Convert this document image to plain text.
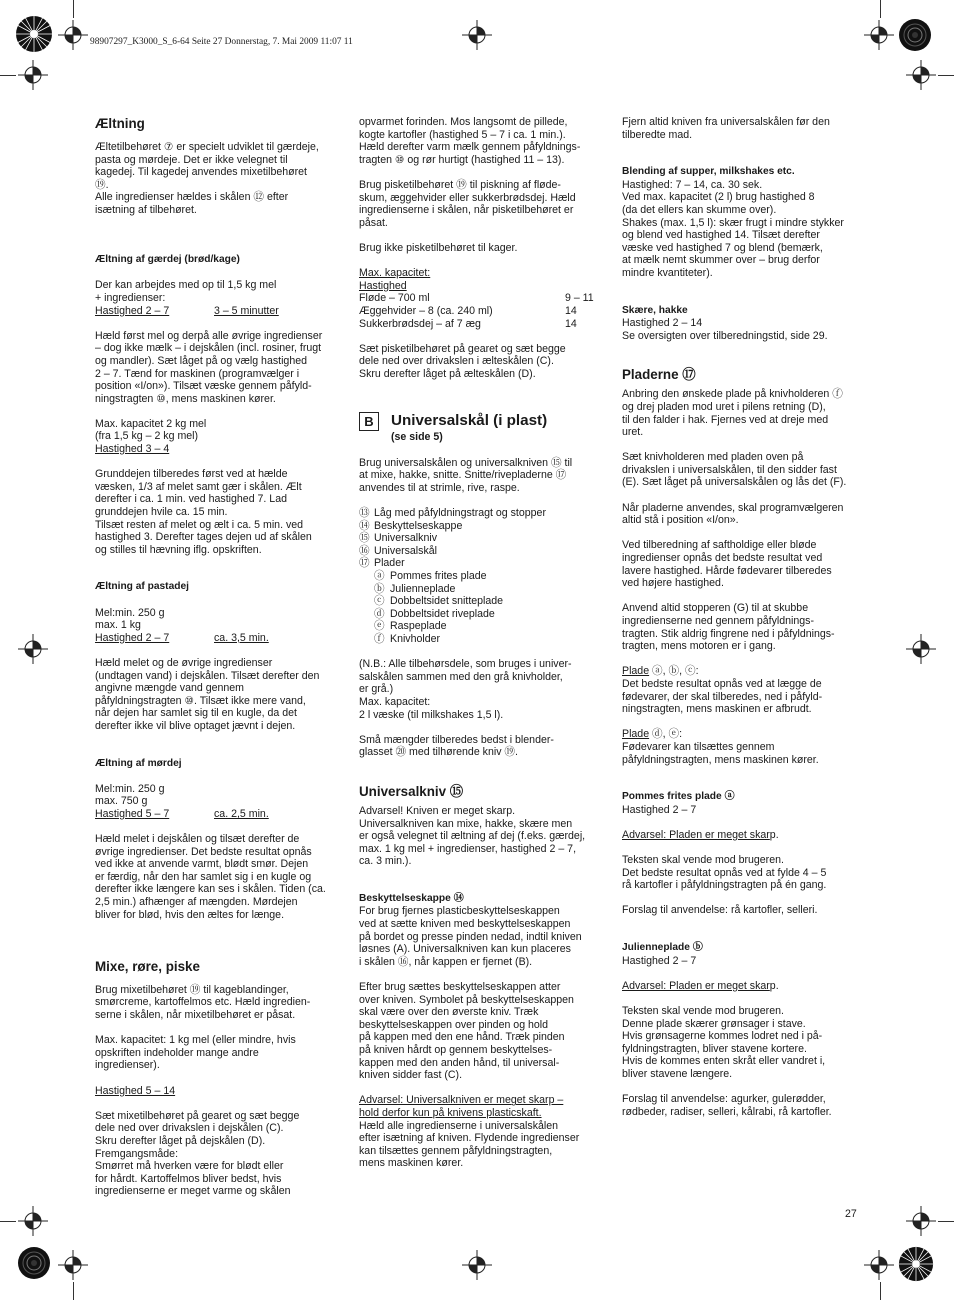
98907297_K3000_S_6-64 Seite 27 Donnerstag, 7. Mai 2009 11:07 11
Æltning

Æltetilbehøret ⑦ er specielt udviklet til gærdeje,
pasta og mørdeje. Det er ikke velegnet til
kagedej. Til kagedej anvendes mixetilbehøret
⑲.
Alle ingredienser hældes i skålen ⑫ efter
isætning af tilbehøret.

Æltning af gærdej (brød/kage)

Der kan arbejdes med op til 1,5 kg mel

+ ingredienser:

Hastighed 2 – 7	3 – 5 minutter

Hæld først mel og derpå alle øvrige ingredienser
– dog ikke mælk – i dejskålen (incl. rosiner, frugt
og mandler). Sæt låget på og vælg hastighed
2 – 7. Tænd for maskinen (programvælger i
position «I/on»). Tilsæt væske gennem påfyld-
ningstragten ⑩, mens maskinen kører.

Max. kapacitet 2 kg mel

(fra 1,5 kg – 2 kg mel)

Hastighed 3 – 4

Grunddejen tilberedes først ved at hælde
væsken, 1/3 af melet samt gær i skålen. Ælt
derefter i ca. 1 min. ved hastighed 7. Lad
grunddejen hvile ca. 15 min.
Tilsæt resten af melet og ælt i ca. 5 min. ved
hastighed 3. Derefter tages dejen ud af skålen
og stilles til hævning iflg. opskriften.

Æltning af pastadej

Mel:min. 250 g

max. 1 kg

Hastighed 2 – 7	ca. 3,5 min.

Hæld melet og de øvrige ingredienser
(undtagen vand) i dejskålen. Tilsæt derefter den
angivne mængde vand gennem
påfyldningstragten ⑩. Tilsæt ikke mere vand,
når dejen har samlet sig til en kugle, da det
derefter ikke vil blive optaget jævnt i dejen.

Æltning af mørdej

Mel:min. 250 g

max. 750 g

Hastighed 5 – 7	ca. 2,5 min.

Hæld melet i dejskålen og tilsæt derefter de
øvrige ingredienser. Det bedste resultat opnås
ved ikke at anvende varmt, blødt smør. Dejen
er færdig, når den har samlet sig i en kugle og
derefter ikke længere kan ses i skålen. Tiden (ca.
2,5 min.) afhænger af mængden. Mørdejen
bliver for blød, hvis den æltes for længe.

Mixe, røre, piske

Brug mixetilbehøret ⑲ til kageblandinger,
smørcreme, kartoffelmos etc. Hæld ingredien-
serne i skålen, når mixetilbehøret er påsat.

Max. kapacitet: 1 kg mel (eller mindre, hvis
opskriften indeholder mange andre
ingredienser).

Hastighed 5 – 14

Sæt mixetilbehøret på gearet og sæt begge
dele ned over drivakslen i dejskålen (C).
Skru derefter låget på dejskålen (D).
Fremgangsmåde:
Smørret må hverken være for blødt eller
for hårdt. Kartoffelmos bliver bedst, hvis
ingredienserne er meget varme og skålen

opvarmet forinden. Mos langsomt de pillede,
kogte kartofler (hastighed 5 – 7 i ca. 1 min.).
Hæld derefter varm mælk gennem påfyldnings-
tragten ⑩ og rør hurtigt (hastighed 11 – 13).

Brug pisketilbehøret ⑲ til piskning af fløde-
skum, æggehvider eller sukkerbrødsdej. Hæld
ingredienserne i skålen, når pisketilbehøret er
påsat.

Brug ikke pisketilbehøret til kager.

Max. kapacitet:

Hastighed

Fløde – 700 ml	9 – 11
Æggehvider – 8 (ca. 240 ml)	14
Sukkerbrødsdej – af 7 æg	14

Sæt pisketilbehøret på gearet og sæt begge
dele ned over drivakslen i ælteskålen (C).
Skru derefter låget på ælteskålen (D).

B	Universalskål (i plast)
(se side 5)

Brug universalskålen og universalkniven ⑮ til
at mixe, hakke, snitte. Snitte/rivepladerne ⑰
anvendes til at strimle, rive, raspe.

⑬ Låg med påfyldningstragt og stopper
⑭ Beskyttelseskappe
⑮ Universalkniv
⑯ Universalskål
⑰ Plader
ⓐ Pommes frites plade
ⓑ Julienneplade
ⓒ Dobbeltsidet snitteplade
ⓓ Dobbeltsidet riveplade
ⓔ Raspeplade
ⓕ Knivholder

(N.B.: Alle tilbehørsdele, som bruges i univer-
salskålen sammen med den grå knivholder,
er grå.)
Max. kapacitet:
2 l væske (til milkshakes 1,5 l).

Små mængder tilberedes bedst i blender-
glasset ⑳ med tilhørende kniv ⑲.

Universalkniv ⑮

Advarsel! Kniven er meget skarp.
Universalkniven kan mixe, hakke, skære men
er også velegnet til æltning af dej (f.eks. gærdej,
max. 1 kg mel + ingredienser, hastighed 2 – 7,
ca. 3 min.).

Beskyttelseskappe ⑭

For brug fjernes plasticbeskyttelseskappen
ved at sætte kniven med beskyttelseskappen
på bordet og presse pinden nedad, indtil kniven
løsnes (A). Universalkniven kan kun placeres
i skålen ⑯, når kappen er fjernet (B).

Efter brug sættes beskyttelseskappen atter
over kniven. Symbolet på beskyttelseskappen
skal være over den øverste kniv. Træk
beskyttelseskappen over pinden og hold
på kappen med den ene hånd. Træk pinden
på kniven hårdt op gennem beskyttelses-
kappen med den anden hånd, til universal-
kniven sidder fast (C).

Advarsel: Universalkniven er meget skarp –

hold derfor kun på knivens plasticskaft.

Hæld alle ingredienserne i universalskålen
efter isætning af kniven. Flydende ingredienser
kan tilsættes gennem påfyldningstragten,
mens maskinen kører.

Fjern altid kniven fra universalskålen før den
tilberedte mad.

Blending af supper, milkshakes etc.

Hastighed: 7 – 14, ca. 30 sek.
Ved max. kapacitet (2 l) brug hastighed 8
(da det ellers kan skumme over).
Shakes (max. 1,5 l): skær frugt i mindre stykker
og blend ved hastighed 14. Tilsæt derefter
væske ved hastighed 7 og blend (bemærk,
at mælk nemt skummer over – brug derfor
mindre kvantiteter).

Skære, hakke

Hastighed 2 – 14
Se oversigten over tilberedningstid, side 29.

Pladerne ⑰

Anbring den ønskede plade på knivholderen ⓕ
og drej pladen mod uret i pilens retning (D),
til den falder i hak. Fjernes ved at dreje med
uret.

Sæt knivholderen med pladen oven på
drivakslen i universalskålen, til den sidder fast
(E). Sæt låget på universalskålen og lås det (F).

Når pladerne anvendes, skal programvælgeren
altid stå i position «I/on».

Ved tilberedning af saftholdige eller bløde
ingredienser opnås det bedste resultat ved
lavere hastighed. Hårde fødevarer tilberedes
ved højere hastighed.

Anvend altid stopperen (G) til at skubbe
ingredienserne ned gennem påfyldnings-
tragten. Stik aldrig fingrene ned i påfyldnings-
tragten, mens motoren er i gang.

Plade ⓐ, ⓑ, ⓒ:

Det bedste resultat opnås ved at lægge de
fødevarer, der skal tilberedes, ned i påfyld-
ningstragten, mens maskinen er afbrudt.

Plade ⓓ, ⓔ:

Fødevarer kan tilsættes gennem
påfyldningstragten, mens maskinen kører.

Pommes frites plade ⓐ

Hastighed 2 – 7

Advarsel: Pladen er meget skarp.

Teksten skal vende mod brugeren.
Det bedste resultat opnås ved at fylde 4 – 5
rå kartofler i påfyldningstragten på én gang.

Forslag til anvendelse: rå kartofler, selleri.

Julienneplade ⓑ

Hastighed 2 – 7

Advarsel: Pladen er meget skarp.

Teksten skal vende mod brugeren.
Denne plade skærer grønsager i stave.
Hvis grønsagerne kommes lodret ned i på-
fyldningstragten, bliver stavene kortere.
Hvis de kommes enten skråt eller vandret i,
bliver stavene længere.

Forslag til anvendelse: agurker, gulerødder,
rødbeder, radiser, selleri, kålrabi, rå kartofler.

27
